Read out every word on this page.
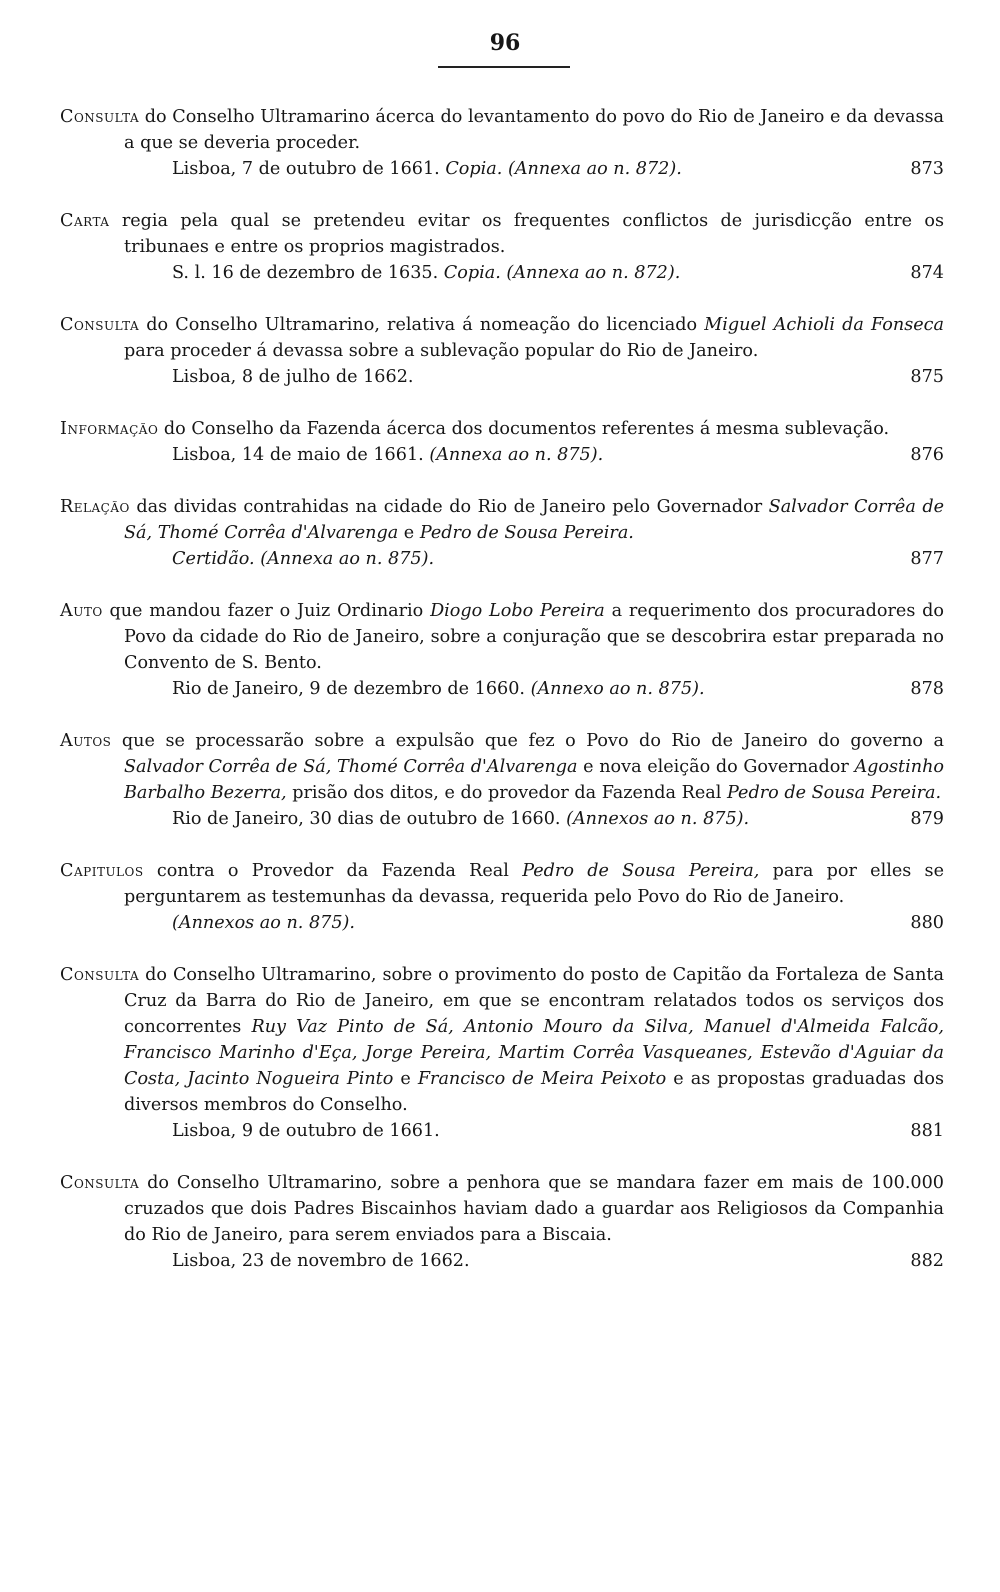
96

Consulta do Conselho Ultramarino ácerca do levantamento do povo do Rio de Janeiro e da devassa a que se deveria proceder.

Lisboa, 7 de outubro de 1661. Copia. (Annexa ao n. 872).	873

Carta regia pela qual se pretendeu evitar os frequentes conflictos de jurisdicção entre os tribunaes e entre os proprios magistrados.

S. l. 16 de dezembro de 1635. Copia. (Annexa ao n. 872).	874

Consulta do Conselho Ultramarino, relativa á nomeação do licenciado Miguel Achioli da Fonseca para proceder á devassa sobre a sublevação popular do Rio de Janeiro.

Lisboa, 8 de julho de 1662.	875

Informação do Conselho da Fazenda ácerca dos documentos referentes á mesma sublevação.

Lisboa, 14 de maio de 1661. (Annexa ao n. 875).	876

Relação das dividas contrahidas na cidade do Rio de Janeiro pelo Governador Salvador Corrêa de Sá, Thomé Corrêa d'Alvarenga e Pedro de Sousa Pereira.

Certidão. (Annexa ao n. 875).	877

Auto que mandou fazer o Juiz Ordinario Diogo Lobo Pereira a requerimento dos procuradores do Povo da cidade do Rio de Janeiro, sobre a conjuração que se descobrira estar preparada no Convento de S. Bento.

Rio de Janeiro, 9 de dezembro de 1660. (Annexo ao n. 875).	878

Autos que se processarão sobre a expulsão que fez o Povo do Rio de Janeiro do governo a Salvador Corrêa de Sá, Thomé Corrêa d'Alvarenga e nova eleição do Governador Agostinho Barbalho Bezerra, prisão dos ditos, e do provedor da Fazenda Real Pedro de Sousa Pereira.

Rio de Janeiro, 30 dias de outubro de 1660. (Annexos ao n. 875).	879

Capitulos contra o Provedor da Fazenda Real Pedro de Sousa Pereira, para por elles se perguntarem as testemunhas da devassa, requerida pelo Povo do Rio de Janeiro.

(Annexos ao n. 875).	880

Consulta do Conselho Ultramarino, sobre o provimento do posto de Capitão da Fortaleza de Santa Cruz da Barra do Rio de Janeiro, em que se encontram relatados todos os serviços dos concorrentes Ruy Vaz Pinto de Sá, Antonio Mouro da Silva, Manuel d'Almeida Falcão, Francisco Marinho d'Eça, Jorge Pereira, Martim Corrêa Vasqueanes, Estevão d'Aguiar da Costa, Jacinto Nogueira Pinto e Francisco de Meira Peixoto e as propostas graduadas dos diversos membros do Conselho.

Lisboa, 9 de outubro de 1661.	881

Consulta do Conselho Ultramarino, sobre a penhora que se mandara fazer em mais de 100.000 cruzados que dois Padres Biscainhos haviam dado a guardar aos Religiosos da Companhia do Rio de Janeiro, para serem enviados para a Biscaia.

Lisboa, 23 de novembro de 1662.	882
